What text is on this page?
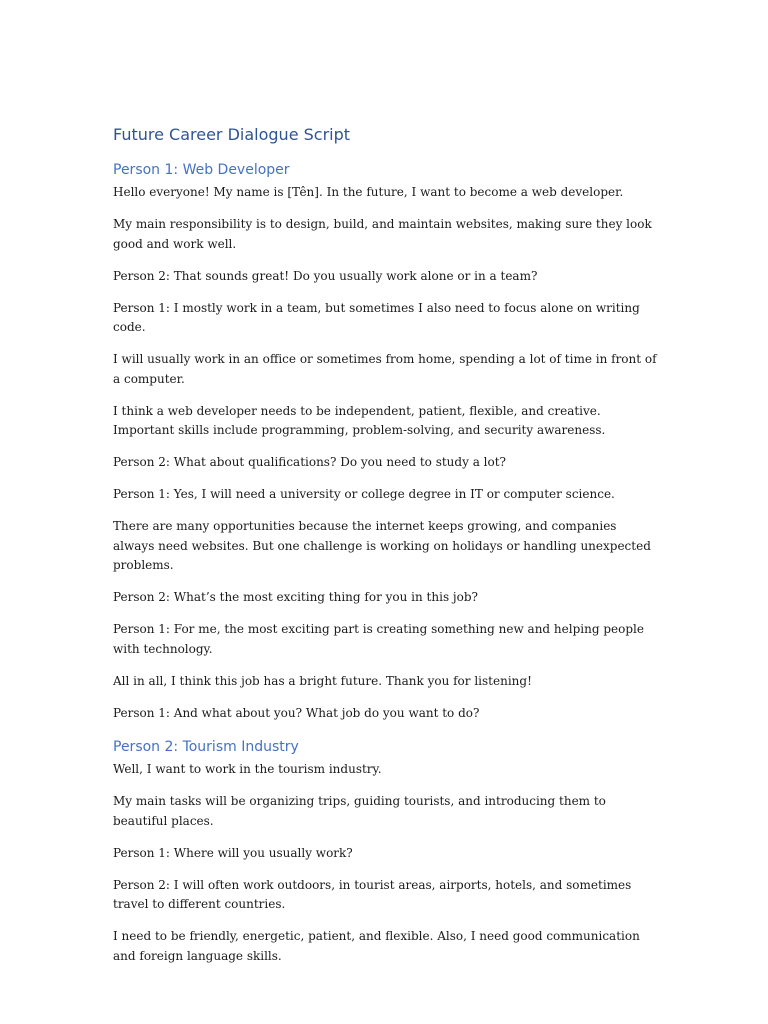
Future Career Dialogue Script
Person 1: Web Developer

Hello everyone! My name is [Tên]. In the future, I want to become a web developer.

My main responsibility is to design, build, and maintain websites, making sure they look good and work well.

Person 2: That sounds great! Do you usually work alone or in a team?

Person 1: I mostly work in a team, but sometimes I also need to focus alone on writing code.

I will usually work in an office or sometimes from home, spending a lot of time in front of a computer.

I think a web developer needs to be independent, patient, flexible, and creative. Important skills include programming, problem-solving, and security awareness.

Person 2: What about qualifications? Do you need to study a lot?

Person 1: Yes, I will need a university or college degree in IT or computer science.

There are many opportunities because the internet keeps growing, and companies always need websites. But one challenge is working on holidays or handling unexpected problems.

Person 2: What’s the most exciting thing for you in this job?

Person 1: For me, the most exciting part is creating something new and helping people with technology.

All in all, I think this job has a bright future. Thank you for listening!

Person 1: And what about you? What job do you want to do?

Person 2: Tourism Industry

Well, I want to work in the tourism industry.

My main tasks will be organizing trips, guiding tourists, and introducing them to beautiful places.

Person 1: Where will you usually work?

Person 2: I will often work outdoors, in tourist areas, airports, hotels, and sometimes travel to different countries.

I need to be friendly, energetic, patient, and flexible. Also, I need good communication and foreign language skills.
